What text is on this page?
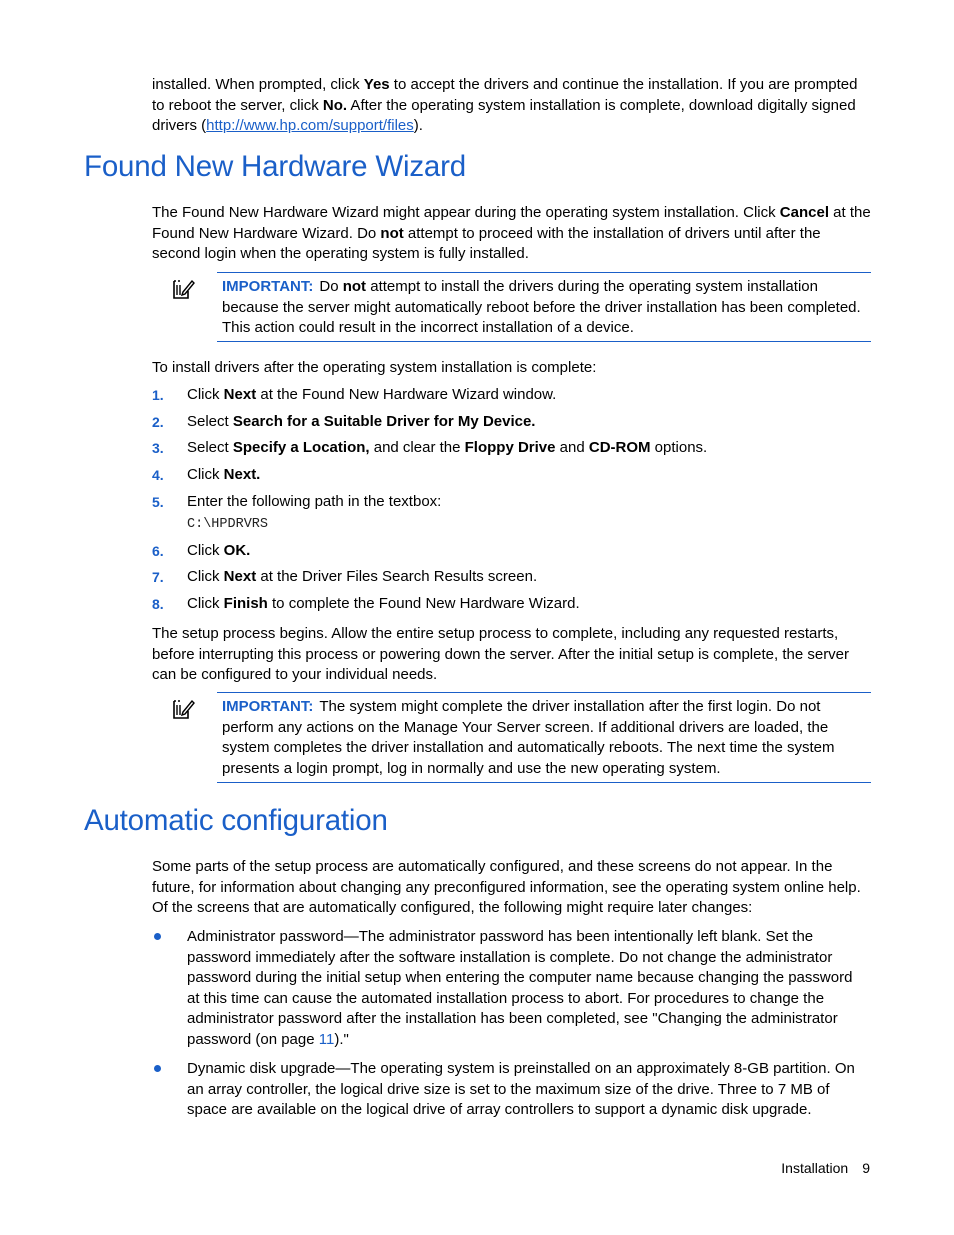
installed. When prompted, click Yes to accept the drivers and continue the installation. If you are prompted to reboot the server, click No. After the operating system installation is complete, download digitally signed drivers (http://www.hp.com/support/files).

Found New Hardware Wizard

The Found New Hardware Wizard might appear during the operating system installation. Click Cancel at the Found New Hardware Wizard. Do not attempt to proceed with the installation of drivers until after the second login when the operating system is fully installed.

IMPORTANT: Do not attempt to install the drivers during the operating system installation because the server might automatically reboot before the driver installation has been completed. This action could result in the incorrect installation of a device.

To install drivers after the operating system installation is complete:

1. Click Next at the Found New Hardware Wizard window.
2. Select Search for a Suitable Driver for My Device.
3. Select Specify a Location, and clear the Floppy Drive and CD-ROM options.
4. Click Next.
5. Enter the following path in the textbox:
C:\HPDRVRS
6. Click OK.
7. Click Next at the Driver Files Search Results screen.
8. Click Finish to complete the Found New Hardware Wizard.

The setup process begins. Allow the entire setup process to complete, including any requested restarts, before interrupting this process or powering down the server. After the initial setup is complete, the server can be configured to your individual needs.

IMPORTANT: The system might complete the driver installation after the first login. Do not perform any actions on the Manage Your Server screen. If additional drivers are loaded, the system completes the driver installation and automatically reboots. The next time the system presents a login prompt, log in normally and use the new operating system.
Automatic configuration

Some parts of the setup process are automatically configured, and these screens do not appear. In the future, for information about changing any preconfigured information, see the operating system online help. Of the screens that are automatically configured, the following might require later changes:

Administrator password—The administrator password has been intentionally left blank. Set the password immediately after the software installation is complete. Do not change the administrator password during the initial setup when entering the computer name because changing the password at this time can cause the automated installation process to abort. For procedures to change the administrator password after the installation has been completed, see "Changing the administrator password (on page 11)."
Dynamic disk upgrade—The operating system is preinstalled on an approximately 8-GB partition. On an array controller, the logical drive size is set to the maximum size of the drive. Three to 7 MB of space are available on the logical drive of array controllers to support a dynamic disk upgrade.
Installation 9
